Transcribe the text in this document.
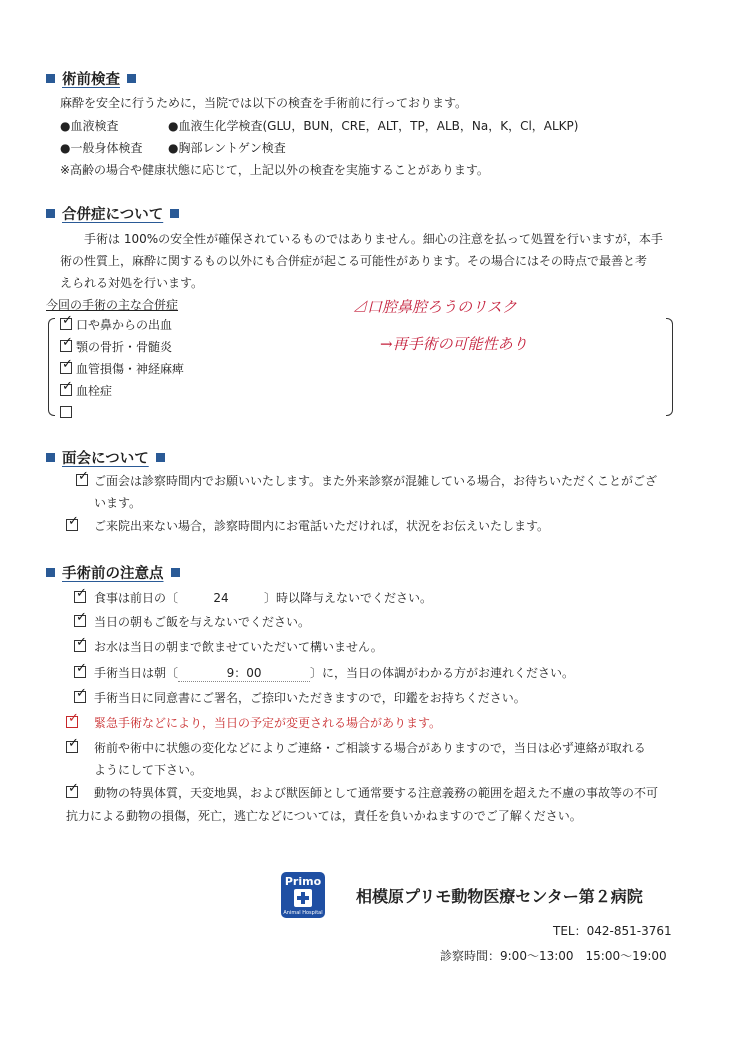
術前検査
麻酔を安全に行うために，当院では以下の検査を手術前に行っております。
●血液検査	●血液生化学検査(GLU，BUN，CRE，ALT，TP，ALB，Na，K，Cl，ALKP)
●一般身体検査 ●胸部レントゲン検査
※高齢の場合や健康状態に応じて，上記以外の検査を実施することがあります。
合併症について
手術は 100%の安全性が確保されているものではありません。細心の注意を払って処置を行いますが，本手
術の性質上，麻酔に関するもの以外にも合併症が起こる可能性があります。その場合にはその時点で最善と考
えられる対処を行います。
今回の手術の主な合併症
✓ 口や鼻からの出血
✓ 顎の骨折・骨髄炎
✓ 血管損傷・神経麻痺
✓ 血栓症
⊿口腔鼻腔ろうのリスク
→再手術の可能性あり
面会について
✓ ご面会は診察時間内でお願いいたします。また外来診察が混雑している場合，お待ちいただくことがござ
います。
✓ ご来院出来ない場合，診察時間内にお電話いただければ，状況をお伝えいたします。
手術前の注意点
✓ 食事は前日の〔	24	〕時以降与えないでください。
✓ 当日の朝もご飯を与えないでください。
✓ お水は当日の朝まで飲ませていただいて構いません。
✓ 手術当日は朝〔	9：00	〕に，当日の体調がわかる方がお連れください。
✓ 手術当日に同意書にご署名，ご捺印いただきますので，印鑑をお持ちください。
✓ 緊急手術などにより，当日の予定が変更される場合があります。
✓ 術前や術中に状態の変化などによりご連絡・ご相談する場合がありますので，当日は必ず連絡が取れる
ようにして下さい。
✓ 動物の特異体質，天変地異，および獣医師として通常要する注意義務の範囲を超えた不慮の事故等の不可
抗力による動物の損傷，死亡，逃亡などについては，責任を負いかねますのでご了解ください。
Primo
Animal Hospital
相模原プリモ動物医療センター第２病院
TEL：042-851-3761
診察時間：9:00～13:00　15:00～19:00
